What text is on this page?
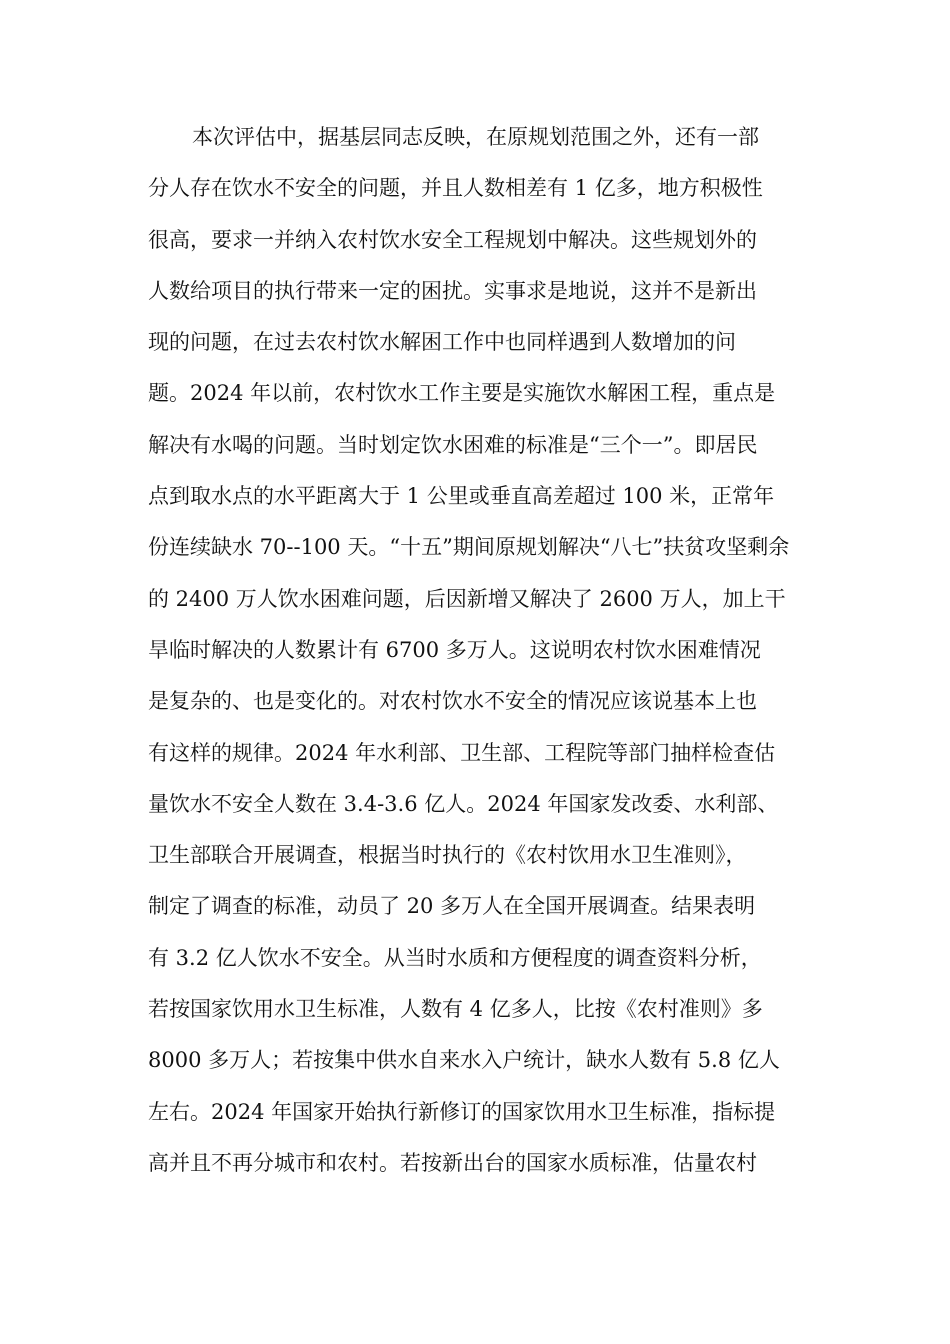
本次评估中，据基层同志反映，在原规划范围之外，还有一部
分人存在饮水不安全的问题，并且人数相差有 1 亿多，地方积极性
很高，要求一并纳入农村饮水安全工程规划中解决。这些规划外的
人数给项目的执行带来一定的困扰。实事求是地说，这并不是新出
现的问题，在过去农村饮水解困工作中也同样遇到人数增加的问
题。2024 年以前，农村饮水工作主要是实施饮水解困工程，重点是
解决有水喝的问题。当时划定饮水困难的标准是“三个一”。即居民
点到取水点的水平距离大于 1 公里或垂直高差超过 100 米，正常年
份连续缺水 70--100 天。“十五”期间原规划解决“八七”扶贫攻坚剩余
的 2400 万人饮水困难问题，后因新增又解决了 2600 万人，加上干
旱临时解决的人数累计有 6700 多万人。这说明农村饮水困难情况
是复杂的、也是变化的。对农村饮水不安全的情况应该说基本上也
有这样的规律。2024 年水利部、卫生部、工程院等部门抽样检查估
量饮水不安全人数在 3.4-3.6 亿人。2024 年国家发改委、水利部、
卫生部联合开展调查，根据当时执行的《农村饮用水卫生准则》，
制定了调查的标准，动员了 20 多万人在全国开展调查。结果表明
有 3.2 亿人饮水不安全。从当时水质和方便程度的调查资料分析，
若按国家饮用水卫生标准，人数有 4 亿多人，比按《农村准则》多
8000 多万人；若按集中供水自来水入户统计，缺水人数有 5.8 亿人
左右。2024 年国家开始执行新修订的国家饮用水卫生标准，指标提
高并且不再分城市和农村。若按新出台的国家水质标准，估量农村
